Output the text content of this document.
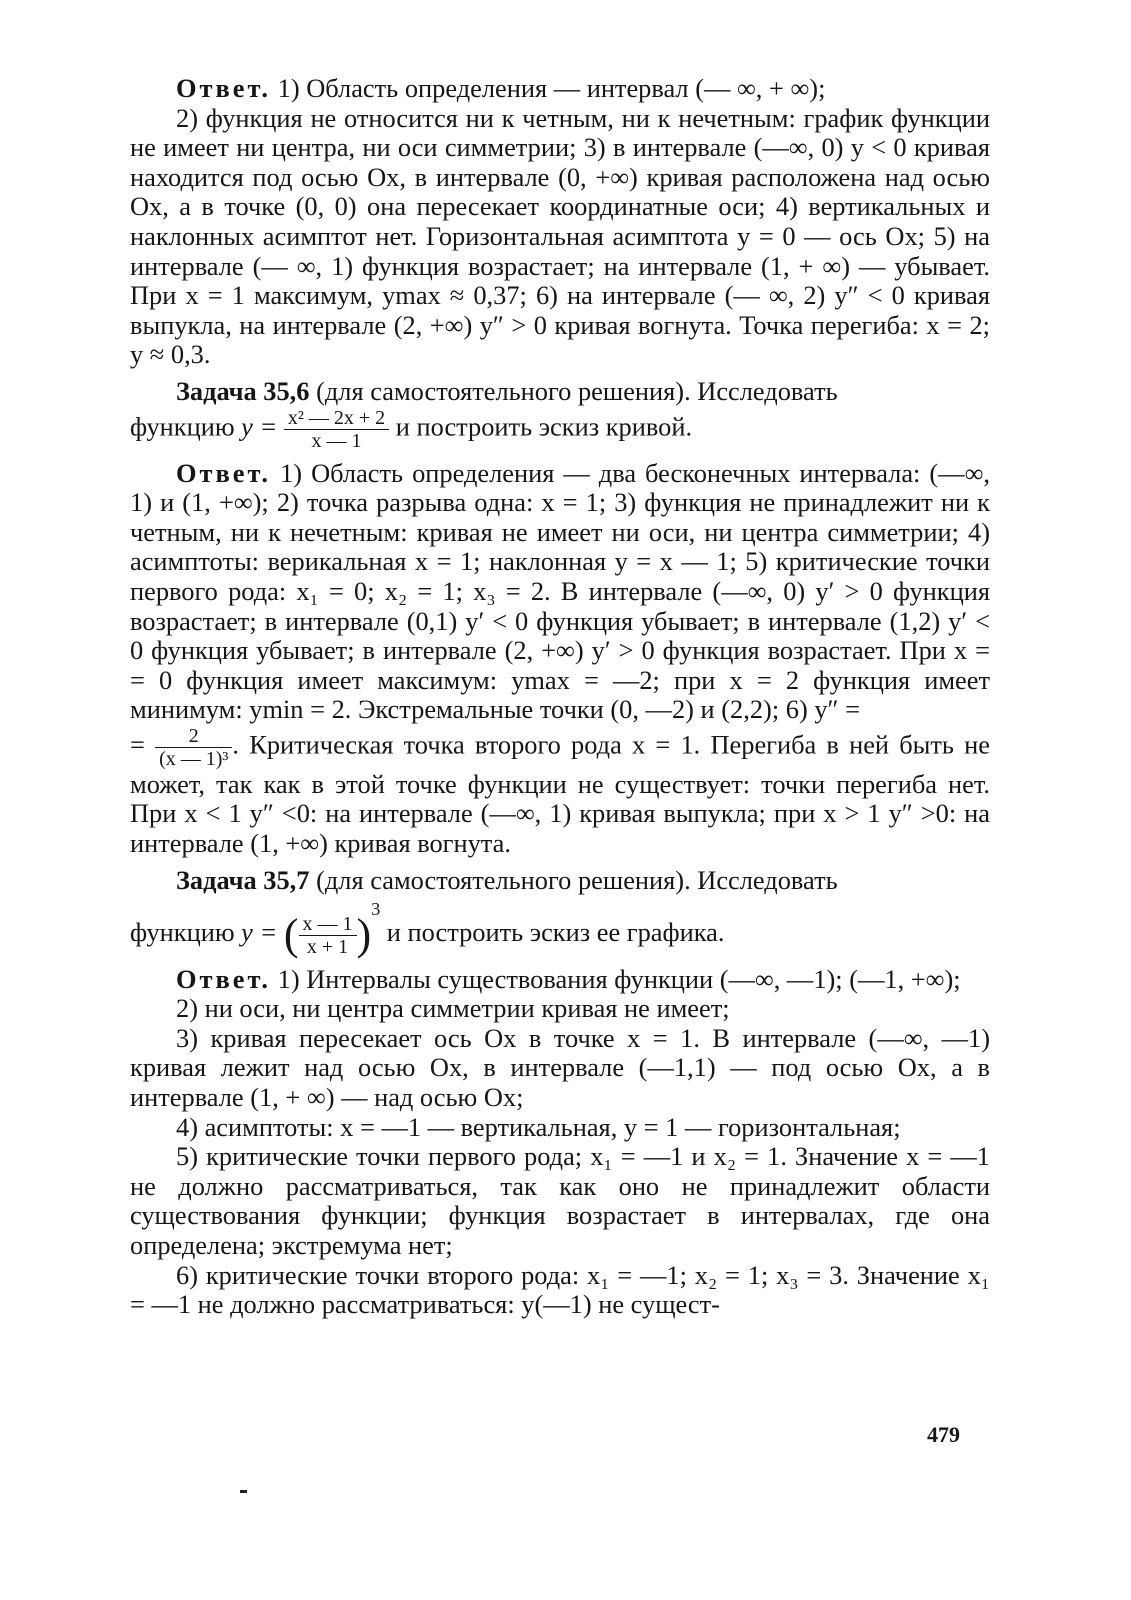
Ответ. 1) Область определения — интервал (— ∞, + ∞);

2) функция не относится ни к четным, ни к нечетным: график функции не имеет ни центра, ни оси симметрии; 3) в интервале (—∞, 0) y < 0 кривая находится под осью Ox, в интервале (0, +∞) кривая расположена над осью Ox, а в точке (0, 0) она пересекает координатные оси; 4) вертикальных и наклонных асимптот нет. Горизонтальная асимптота y = 0 — ось Ox; 5) на интервале (— ∞, 1) функция возрастает; на интервале (1, + ∞) — убывает. При x = 1 максимум, ymax ≈ 0,37; 6) на интервале (— ∞, 2) y″ < 0 кривая выпукла, на интервале (2, +∞) y″ > 0 кривая вогнута. Точка перегиба: x = 2; y ≈ 0,3.

Задача 35,6 (для самостоятельного решения). Исследовать

функцию $y = \frac{\text{x² — 2x + 2}}{x — 1}$ и построить эскиз кривой.

Ответ. 1) Область определения — два бесконечных интервала: (—∞, 1) и (1, +∞); 2) точка разрыва одна: x = 1; 3) функция не принадлежит ни к четным, ни к нечетным: кривая не имеет ни оси, ни центра симметрии; 4) асимптоты: верикальная x = 1; наклонная y = x — 1; 5) критические точки первого рода: x₁ = 0; x₂ = 1; x₃ = 2. В интервале (—∞, 0) y′ > 0 функция возрастает; в интервале (0,1) y′ < 0 функция убывает; в интервале (1,2) y′ < 0 функция убывает; в интервале (2, +∞) y′ > 0 функция возрастает. При x = = 0 функция имеет максимум: ymax = —2; при x = 2 функция имеет минимум: ymin = 2. Экстремальные точки (0, —2) и (2,2); 6) y″ =

= $\frac{2}{\text{(x — 1)³}}$ . Критическая точка второго рода x = 1. Перегиба в ней быть не может, так как в этой точке функции не существует: точки перегиба нет. При x < 1 y″ <0: на интервале (—∞, 1) кривая выпукла; при x > 1 y″ >0: на интервале (1, +∞) кривая вогнута.

Задача 35,7 (для самостоятельного решения). Исследовать

функцию y = ( $\frac{x — 1}{x + 1} )^3$ и построить эскиз ее графика.

Ответ. 1) Интервалы существования функции (—∞, —1); (—1, +∞);

2) ни оси, ни центра симметрии кривая не имеет;

3) кривая пересекает ось Ox в точке x = 1. В интервале (—∞, —1) кривая лежит над осью Ox, в интервале (—1,1) — под осью Ox, а в интервале (1, + ∞) — над осью Ox;

4) асимптоты: x = —1 — вертикальная, y = 1 — горизонтальная;

5) критические точки первого рода; x₁ = —1 и x₂ = 1. Значение x = —1 не должно рассматриваться, так как оно не принадлежит области существования функции; функция возрастает в интервалах, где она определена; экстремума нет;

6) критические точки второго рода: x₁ = —1; x₂ = 1; x₃ = 3. Значение x₁ = —1 не должно рассматриваться: y(—1) не сущест-

479
